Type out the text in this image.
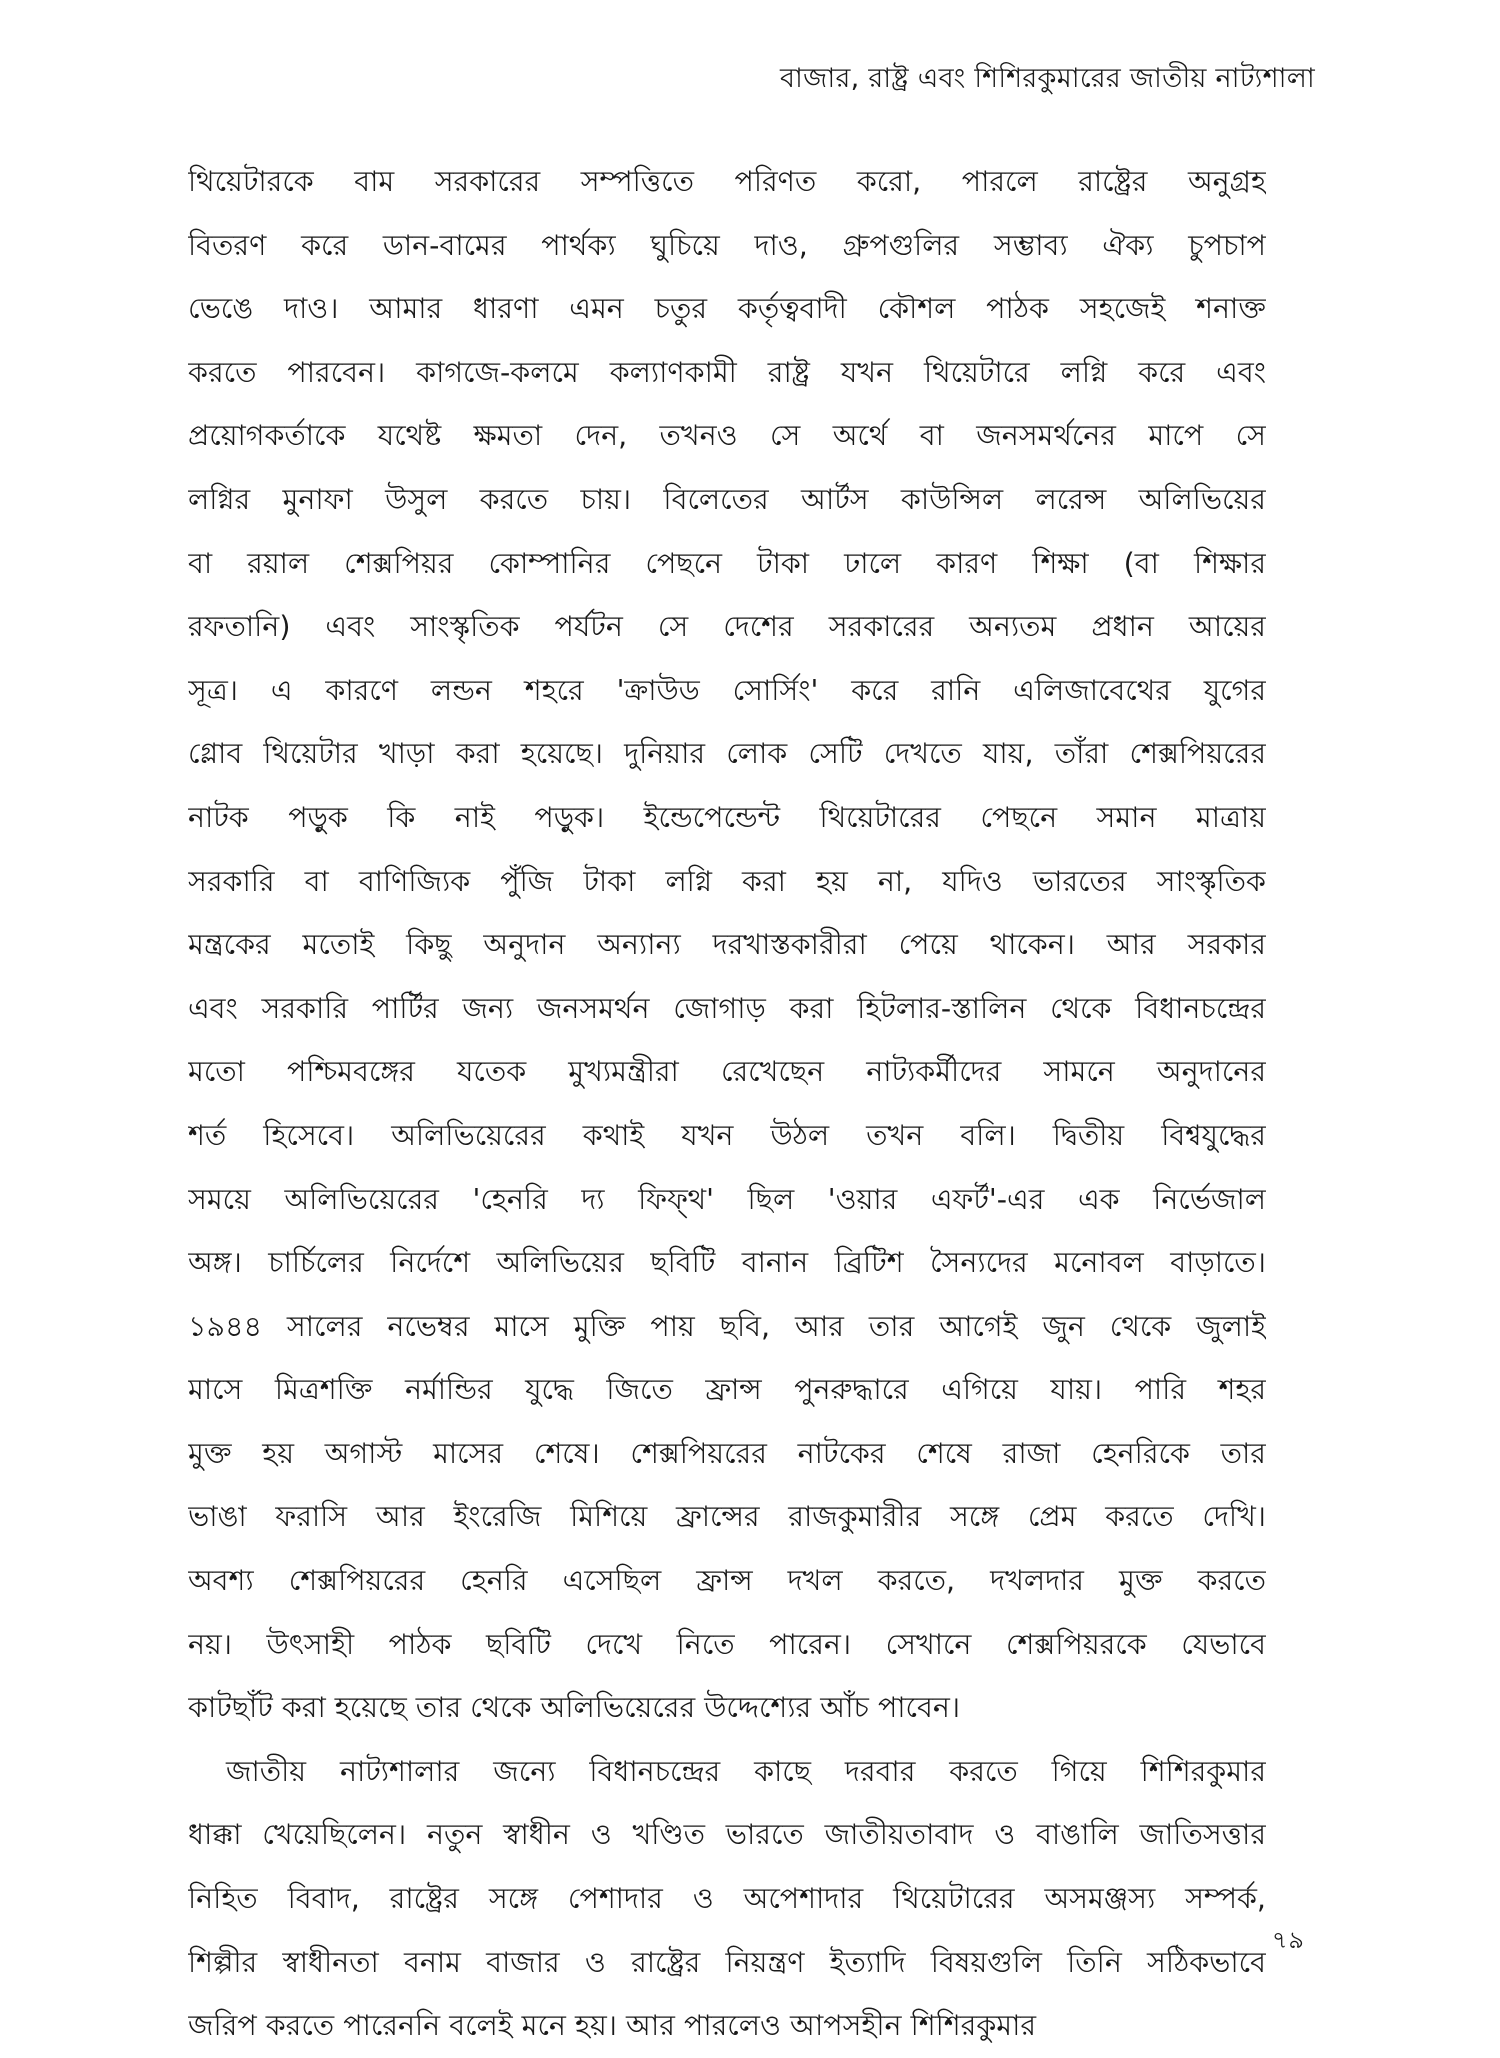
বাজার, রাষ্ট্র এবং শিশিরকুমারের জাতীয় নাট্যশালা
থিয়েটারকে বাম সরকারের সম্পত্তিতে পরিণত করো, পারলে রাষ্ট্রের অনুগ্রহ
বিতরণ করে ডান-বামের পার্থক্য ঘুচিয়ে দাও, গ্রুপগুলির সম্ভাব্য ঐক্য চুপচাপ
ভেঙে দাও। আমার ধারণা এমন চতুর কর্তৃত্ববাদী কৌশল পাঠক সহজেই শনাক্ত
করতে পারবেন। কাগজে-কলমে কল্যাণকামী রাষ্ট্র যখন থিয়েটারে লগ্নি করে এবং
প্রয়োগকর্তাকে যথেষ্ট ক্ষমতা দেন, তখনও সে অর্থে বা জনসমর্থনের মাপে সে
লগ্নির মুনাফা উসুল করতে চায়। বিলেতের আর্টস কাউন্সিল লরেন্স অলিভিয়ের
বা রয়াল শেক্সপিয়র কোম্পানির পেছনে টাকা ঢালে কারণ শিক্ষা (বা শিক্ষার
রফতানি) এবং সাংস্কৃতিক পর্যটন সে দেশের সরকারের অন্যতম প্রধান আয়ের
সূত্র। এ কারণে লন্ডন শহরে 'ক্রাউড সোর্সিং' করে রানি এলিজাবেথের যুগের
গ্লোব থিয়েটার খাড়া করা হয়েছে। দুনিয়ার লোক সেটি দেখতে যায়, তাঁরা শেক্সপিয়রের
নাটক পড়ুক কি নাই পড়ুক। ইন্ডেপেন্ডেন্ট থিয়েটারের পেছনে সমান মাত্রায়
সরকারি বা বাণিজ্যিক পুঁজি টাকা লগ্নি করা হয় না, যদিও ভারতের সাংস্কৃতিক
মন্ত্রকের মতোই কিছু অনুদান অন্যান্য দরখাস্তকারীরা পেয়ে থাকেন। আর সরকার
এবং সরকারি পার্টির জন্য জনসমর্থন জোগাড় করা হিটলার-স্তালিন থেকে বিধানচন্দ্রের
মতো পশ্চিমবঙ্গের যতেক মুখ্যমন্ত্রীরা রেখেছেন নাট্যকর্মীদের সামনে অনুদানের
শর্ত হিসেবে। অলিভিয়েরের কথাই যখন উঠল তখন বলি। দ্বিতীয় বিশ্বযুদ্ধের
সময়ে অলিভিয়েরের 'হেনরি দ্য ফিফ্থ' ছিল 'ওয়ার এফর্ট'-এর এক নির্ভেজাল
অঙ্গ। চার্চিলের নির্দেশে অলিভিয়ের ছবিটি বানান ব্রিটিশ সৈন্যদের মনোবল বাড়াতে।
১৯৪৪ সালের নভেম্বর মাসে মুক্তি পায় ছবি, আর তার আগেই জুন থেকে জুলাই
মাসে মিত্রশক্তি নর্মান্ডির যুদ্ধে জিতে ফ্রান্স পুনরুদ্ধারে এগিয়ে যায়। পারি শহর
মুক্ত হয় অগাস্ট মাসের শেষে। শেক্সপিয়রের নাটকের শেষে রাজা হেনরিকে তার
ভাঙা ফরাসি আর ইংরেজি মিশিয়ে ফ্রান্সের রাজকুমারীর সঙ্গে প্রেম করতে দেখি।
অবশ্য শেক্সপিয়রের হেনরি এসেছিল ফ্রান্স দখল করতে, দখলদার মুক্ত করতে
নয়। উৎসাহী পাঠক ছবিটি দেখে নিতে পারেন। সেখানে শেক্সপিয়রকে যেভাবে
কাটছাঁট করা হয়েছে তার থেকে অলিভিয়েরের উদ্দেশ্যের আঁচ পাবেন।
জাতীয় নাট্যশালার জন্যে বিধানচন্দ্রের কাছে দরবার করতে গিয়ে শিশিরকুমার
ধাক্কা খেয়েছিলেন। নতুন স্বাধীন ও খণ্ডিত ভারতে জাতীয়তাবাদ ও বাঙালি জাতিসত্তার
নিহিত বিবাদ, রাষ্ট্রের সঙ্গে পেশাদার ও অপেশাদার থিয়েটারের অসমঞ্জস্য সম্পর্ক,
শিল্পীর স্বাধীনতা বনাম বাজার ও রাষ্ট্রের নিয়ন্ত্রণ ইত্যাদি বিষয়গুলি তিনি সঠিকভাবে
জরিপ করতে পারেননি বলেই মনে হয়। আর পারলেও আপসহীন শিশিরকুমার
৭৯
